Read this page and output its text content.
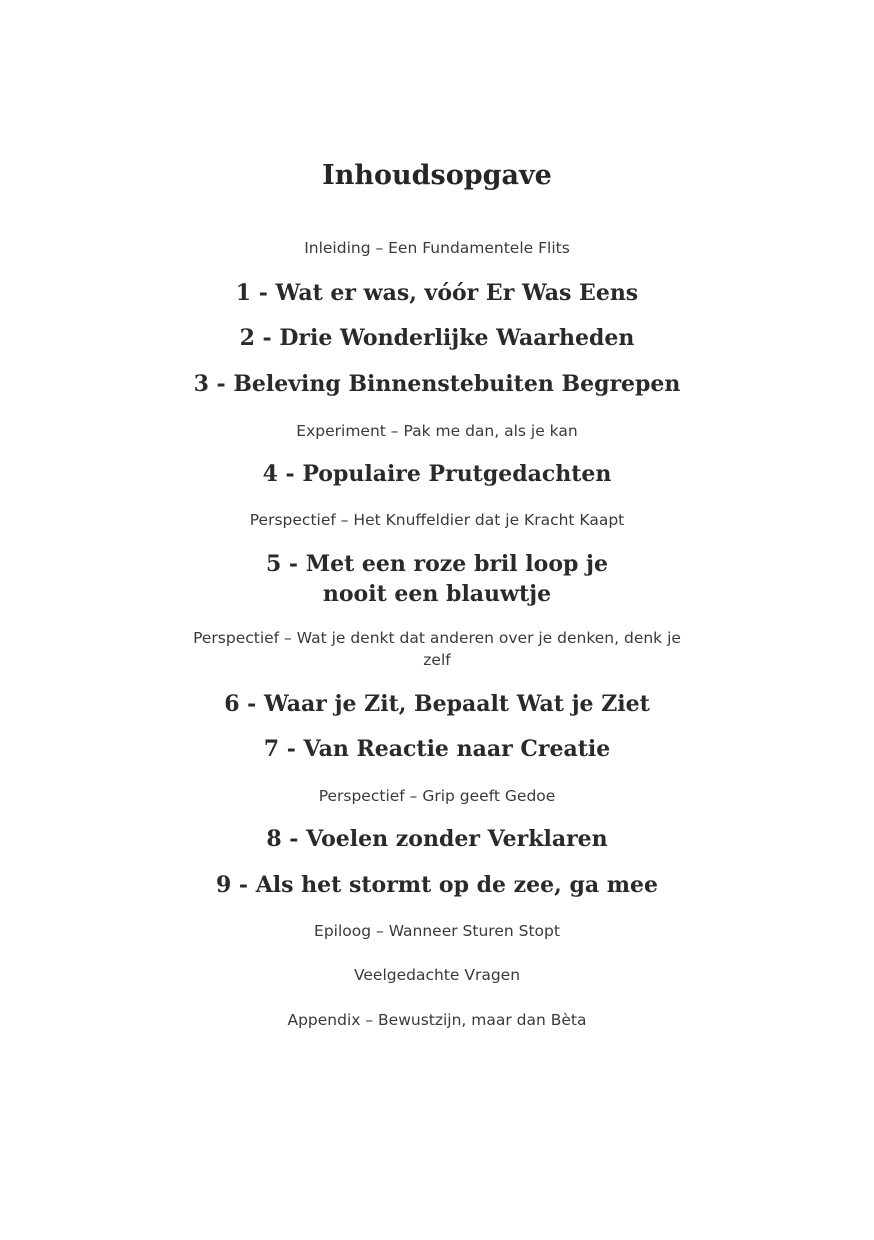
Inhoudsopgave

Inleiding – Een Fundamentele Flits

1 - Wat er was, vóór Er Was Eens

2 - Drie Wonderlijke Waarheden

3 - Beleving Binnenstebuiten Begrepen

Experiment – Pak me dan, als je kan

4 - Populaire Prutgedachten

Perspectief – Het Knuffeldier dat je Kracht Kaapt

5 - Met een roze bril loop je nooit een blauwtje

Perspectief – Wat je denkt dat anderen over je denken, denk je zelf

6 - Waar je Zit, Bepaalt Wat je Ziet

7 - Van Reactie naar Creatie

Perspectief – Grip geeft Gedoe

8 - Voelen zonder Verklaren

9 - Als het stormt op de zee, ga mee

Epiloog – Wanneer Sturen Stopt

Veelgedachte Vragen

Appendix – Bewustzijn, maar dan Bèta
